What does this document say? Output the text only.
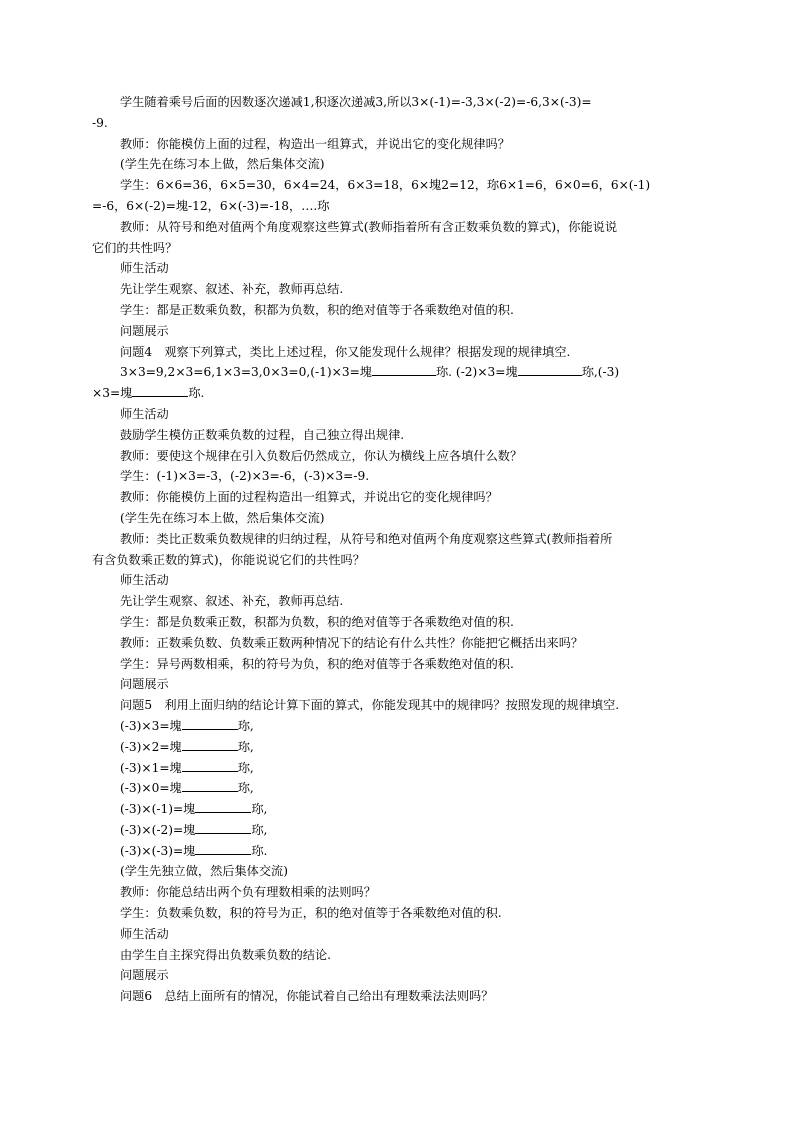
学生随着乘号后面的因数逐次递减1,积逐次递减3,所以3×(-1)=-3,3×(-2)=-6,3×(-3)=

-9.

教师：你能模仿上面的过程，构造出一组算式，并说出它的变化规律吗？

(学生先在练习本上做，然后集体交流)

学生：6×6=36，6×5=30，6×4=24，6×3=18，6×塊2=12，珎6×1=6，6×0=6，6×(-1)

=-6，6×(-2)=塊-12，6×(-3)=-18，….珎

教师：从符号和绝对值两个角度观察这些算式(教师指着所有含正数乘负数的算式)，你能说说

它们的共性吗？

师生活动

先让学生观察、叙述、补充，教师再总结.

学生：都是正数乘负数，积都为负数，积的绝对值等于各乘数绝对值的积.

问题展示

问题4　观察下列算式，类比上述过程，你又能发现什么规律？根据发现的规律填空.

3×3=9,2×3=6,1×3=3,0×3=0,(-1)×3=塊	珎. (-2)×3=塊	珎,(-3)

×3=塊	珎.

师生活动

鼓励学生模仿正数乘负数的过程，自己独立得出规律.

教师：要使这个规律在引入负数后仍然成立，你认为横线上应各填什么数？

学生：(-1)×3=-3，(-2)×3=-6，(-3)×3=-9.

教师：你能模仿上面的过程构造出一组算式，并说出它的变化规律吗？

(学生先在练习本上做，然后集体交流)

教师：类比正数乘负数规律的归纳过程，从符号和绝对值两个角度观察这些算式(教师指着所

有含负数乘正数的算式)，你能说说它们的共性吗？

师生活动

先让学生观察、叙述、补充，教师再总结.

学生：都是负数乘正数，积都为负数，积的绝对值等于各乘数绝对值的积.

教师：正数乘负数、负数乘正数两种情况下的结论有什么共性？你能把它概括出来吗？

学生：异号两数相乘，积的符号为负，积的绝对值等于各乘数绝对值的积.

问题展示

问题5　利用上面归纳的结论计算下面的算式，你能发现其中的规律吗？按照发现的规律填空.

(-3)×3=塊	珎,

(-3)×2=塊	珎,

(-3)×1=塊	珎,

(-3)×0=塊	珎,

(-3)×(-1)=塊	珎,

(-3)×(-2)=塊	珎,

(-3)×(-3)=塊	珎.

(学生先独立做，然后集体交流)

教师：你能总结出两个负有理数相乘的法则吗？

学生：负数乘负数，积的符号为正，积的绝对值等于各乘数绝对值的积.

师生活动

由学生自主探究得出负数乘负数的结论.

问题展示

问题6　总结上面所有的情况，你能试着自己给出有理数乘法法则吗？
